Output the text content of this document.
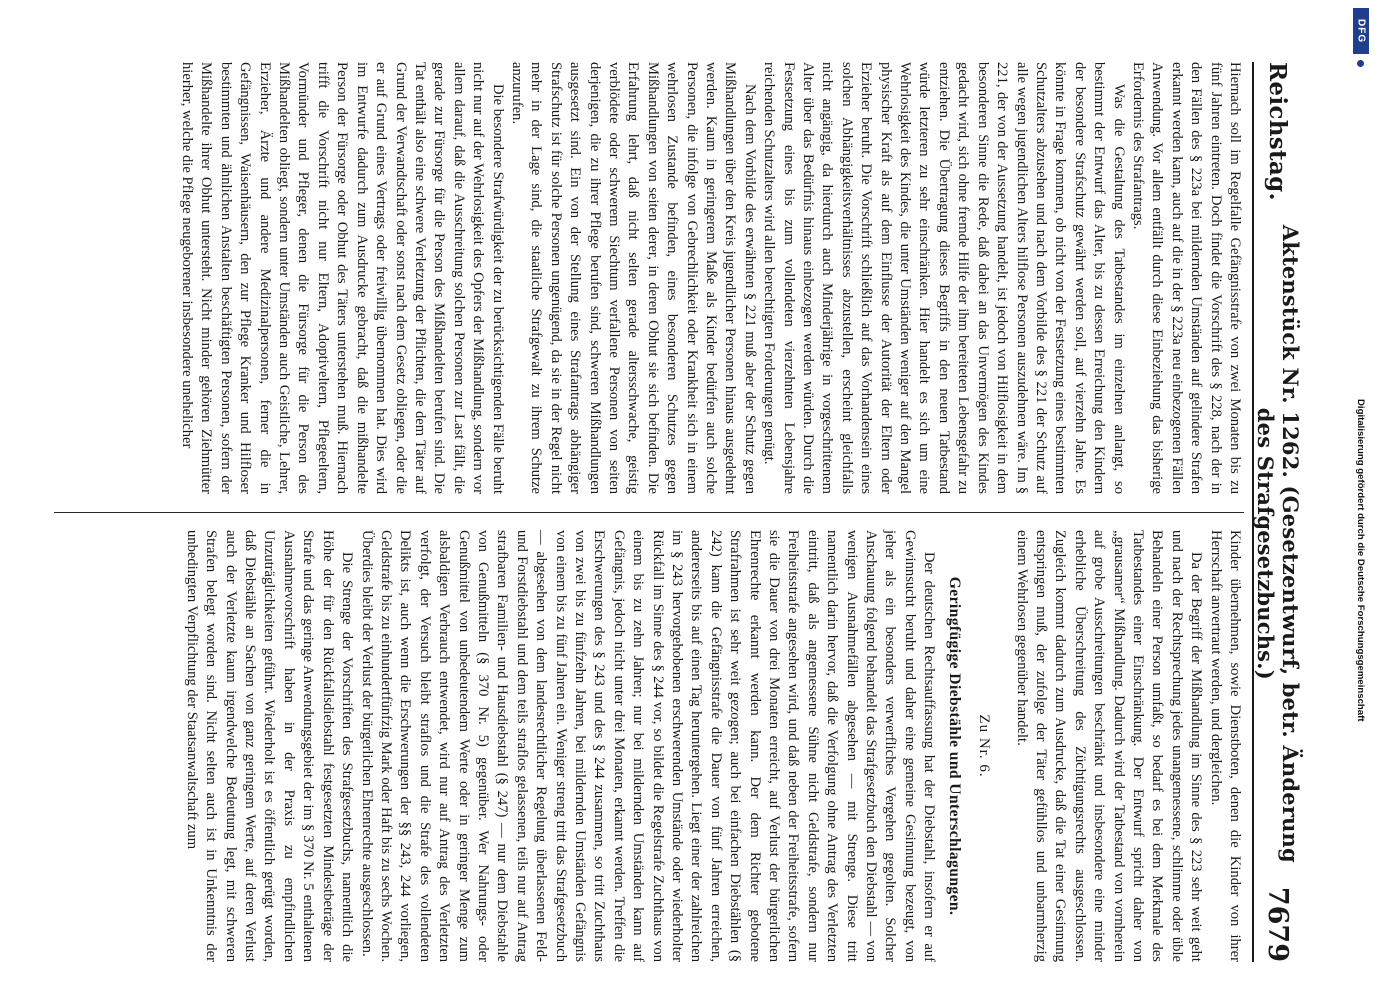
Reichstag.
Aktenstück Nr. 1262. (Gesetzentwurf, betr. Änderung des Strafgesetzbuchs.)
7679

Hiernach soll im Regelfalle Gefängnisstrafe von zwei Monaten bis zu fünf Jahren eintreten. Doch findet die Vorschrift des § 228, nach der in den Fällen des § 223a bei mildernden Umständen auf gelindere Strafen erkannt werden kann, auch auf die in der § 223a neu einbezogenen Fällen Anwendung. Vor allem entfällt durch diese Einbeziehung das bisherige Erfordernis des Strafantrags.

Was die Gestaltung des Tatbestandes im einzelnen anlangt, so bestimmt der Entwurf das Alter, bis zu dessen Erreichung den Kindern der besondere Strafschutz gewährt werden soll, auf vierzehn Jahre. Es könnte in Frage kommen, ob nicht von der Festsetzung eines bestimmten Schutzalters abzusehen und nach dem Vorbilde des § 221 der Schutz auf alle wegen jugendlichen Alters hilflose Personen auszudehnen wäre. Im § 221, der von der Aussetzung handelt, ist jedoch von Hilflosigkeit in dem besonderen Sinne die Rede, daß dabei an das Unvermögen des Kindes gedacht wird, sich ohne fremde Hilfe der ihm bereiteten Lebensgefahr zu entziehen. Die Übertragung dieses Begriffs in den neuen Tatbestand würde letzteren zu sehr einschränken. Hier handelt es sich um eine Wehrlosigkeit des Kindes, die unter Umständen weniger auf den Mangel physischer Kraft als auf dem Einflusse der Autorität der Eltern oder Erzieher beruht. Die Vorschrift schließlich auf das Vorhandensein eines solchen Abhängigkeitsverhältnisses abzustellen, erscheint gleichfalls nicht angängig, da hierdurch auch Minderjährige in vorgeschrittenem Alter über das Bedürfnis hinaus einbezogen werden würden. Durch die Festsetzung eines bis zum vollendeten vierzehnten Lebensjahre reichenden Schutzalters wird allen berechtigten Forderungen genügt.

Nach dem Vorbilde des erwähnten § 221 muß aber der Schutz gegen Mißhandlungen über den Kreis jugendlicher Personen hinaus ausgedehnt werden. Kaum in geringerem Maße als Kinder bedürfen auch solche Personen, die infolge von Gebrechlichkeit oder Krankheit sich in einem wehrlosen Zustande befinden, eines besonderen Schutzes gegen Mißhandlungen von seiten derer, in deren Obhut sie sich befinden. Die Erfahrung lehrt, daß nicht selten gerade altersschwache, geistig verblödete oder schwerem Siechtum verfallene Personen von seiten derjenigen, die zu ihrer Pflege berufen sind, schweren Mißhandlungen ausgesetzt sind. Ein von der Stellung eines Strafantrags abhängiger Strafschutz ist für solche Personen ungenügend, da sie in der Regel nicht mehr in der Lage sind, die staatliche Strafgewalt zu ihrem Schutze anzurufen.

Die besondere Strafwürdigkeit der zu berücksichtigenden Fälle beruht nicht nur auf der Wehrlosigkeit des Opfers der Mißhandlung, sondern vor allem darauf, daß die Ausschreitung solchen Personen zur Last fällt, die gerade zur Fürsorge für die Person des Mißhandelten berufen sind. Die Tat enthält also eine schwere Verletzung der Pflichten, die dem Täter auf Grund der Verwandtschaft oder sonst nach dem Gesetz obliegen, oder die er auf Grund eines Vertrags oder freiwillig übernommen hat. Dies wird im Entwurfe dadurch zum Ausdrucke gebracht, daß die mißhandelte Person der Fürsorge oder Obhut des Täters unterstehen muß. Hiernach trifft die Vorschrift nicht nur Eltern, Adoptiveltern, Pflegeeltern, Vormünder und Pfleger, denen die Fürsorge für die Person des Mißhandelten obliegt, sondern unter Umständen auch Geistliche, Lehrer, Erzieher, Ärzte und andere Medizinalpersonen, ferner die in Gefängnissen, Waisenhäusern, den zur Pflege Kranker und Hilfloser bestimmten und ähnlichen Anstalten beschäftigten Personen, sofern der Mißhandelte ihrer Obhut untersteht. Nicht minder gehören Ziehmütter hierher, welche die Pflege neugeborener insbesondere unehelicher

Kinder übernehmen, sowie Dienstboten, denen die Kinder von ihrer Herrschaft anvertraut werden, und dergleichen.

Da der Begriff der Mißhandlung im Sinne des § 223 sehr weit geht und nach der Rechtsprechung jedes unangemessene, schlimme oder üble Behandeln einer Person umfaßt, so bedarf es bei dem Merkmale des Tatbestandes einer Einschränkung. Der Entwurf spricht daher von „grausamer“ Mißhandlung. Dadurch wird der Tatbestand von vornherein auf grobe Ausschreitungen beschränkt und insbesondere eine minder erhebliche Überschreitung des Züchtigungsrechts ausgeschlossen. Zugleich kommt dadurch zum Ausdrucke, daß die Tat einer Gesinnung entspringen muß, der zufolge der Täter gefühllos und unbarmherzig einem Wehrlosen gegenüber handelt.

Zu Nr. 6.
Geringfügige Diebstähle und Unterschlagungen.

Der deutschen Rechtsauffassung hat der Diebstahl, insofern er auf Gewinnsucht beruht und daher eine gemeine Gesinnung bezeugt, von jeher als ein besonders verwerfliches Vergehen gegolten. Solcher Anschauung folgend behandelt das Strafgesetzbuch den Diebstahl — von wenigen Ausnahmefällen abgesehen — mit Strenge. Diese tritt namentlich darin hervor, daß die Verfolgung ohne Antrag des Verletzten eintritt, daß als angemessene Sühne nicht Geldstrafe, sondern nur Freiheitsstrafe angesehen wird, und daß neben der Freiheitsstrafe, sofern sie die Dauer von drei Monaten erreicht, auf Verlust der bürgerlichen Ehrenrechte erkannt werden kann. Der dem Richter gebotene Strafrahmen ist sehr weit gezogen; auch bei einfachen Diebstählen (§ 242) kann die Gefängnisstrafe die Dauer von fünf Jahren erreichen, andererseits bis auf einen Tag heruntergehen. Liegt einer der zahlreichen im § 243 hervorgehobenen erschwerenden Umstände oder wiederholter Rückfall im Sinne des § 244 vor, so bildet die Regelstrafe Zuchthaus von einem bis zu zehn Jahren; nur bei mildernden Umständen kann auf Gefängnis, jedoch nicht unter drei Monaten, erkannt werden. Treffen die Erschwerungen des § 243 und des § 244 zusammen, so tritt Zuchthaus von zwei bis zu fünfzehn Jahren, bei mildernden Umständen Gefängnis von einem bis zu fünf Jahren ein. Weniger streng tritt das Strafgesetzbuch — abgesehen von dem landesrechtlicher Regelung überlassenen Feld- und Forstdiebstahl und dem teils straflos gelassenen, teils nur auf Antrag strafbaren Familien- und Hausdiebstahl (§ 247) — nur dem Diebstahle von Genußmitteln (§ 370 Nr. 5) gegenüber. Wer Nahrungs- oder Genußmittel von unbedeutendem Werte oder in geringer Menge zum alsbaldigen Verbrauch entwendet, wird nur auf Antrag des Verletzten verfolgt, der Versuch bleibt straflos und die Strafe des vollendeten Delikts ist, auch wenn die Erschwerungen der §§ 243, 244 vorliegen, Geldstrafe bis zu einhundertfünfzig Mark oder Haft bis zu sechs Wochen. Überdies bleibt der Verlust der bürgerlichen Ehrenrechte ausgeschlossen.

Die Strenge der Vorschriften des Strafgesetzbuchs, namentlich die Höhe der für den Rückfallsdiebstahl festgesetzten Mindestbeträge der Strafe und das geringe Anwendungsgebiet der im § 370 Nr. 5 enthaltenen Ausnahmevorschrift haben in der Praxis zu empfindlichen Unzuträglichkeiten geführt. Wiederholt ist es öffentlich gerügt worden, daß Diebstähle an Sachen von ganz geringem Werte, auf deren Verlust auch der Verletzte kaum irgendwelche Bedeutung legt, mit schweren Strafen belegt worden sind. Nicht selten auch ist in Unkenntnis der unbedingten Verpflichtung der Staatsanwaltschaft zum

DFG
Digitalisierung gefördert durch die Deutsche Forschungsgemeinschaft
